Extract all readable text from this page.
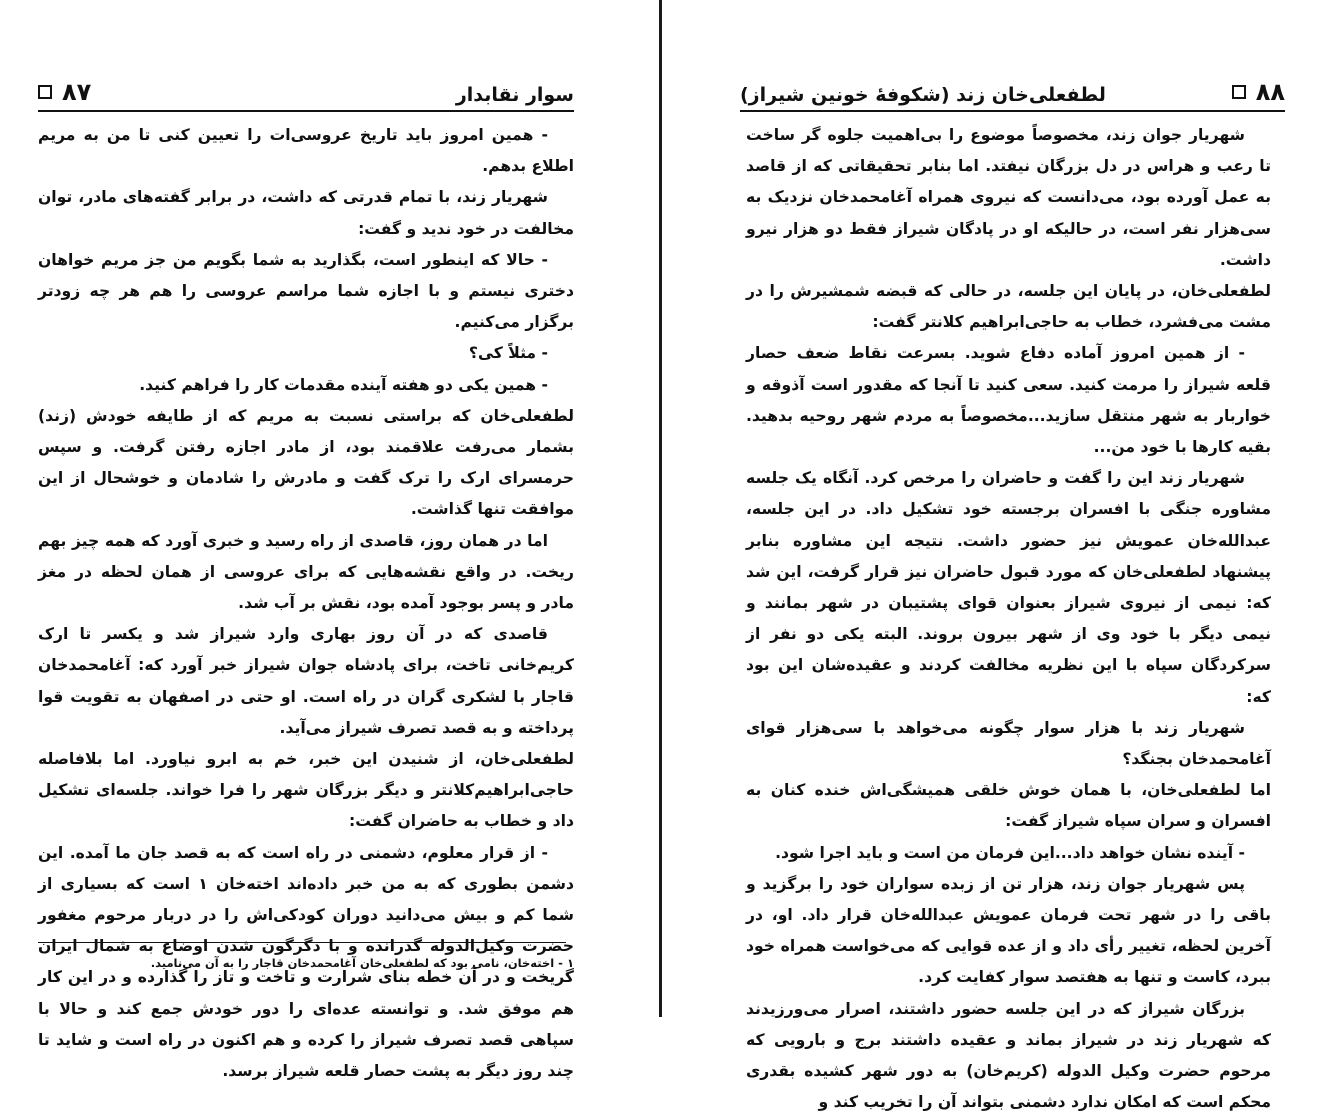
۸۷	سوار نقابدار

- همین امروز باید تاریخ عروسی‌ات را تعیین کنی تا من به مریم اطلاع بدهم.

شهریار زند، با تمام قدرتی که داشت، در برابر گفته‌های مادر، توان مخالفت در خود ندید و گفت:

- حالا که اینطور است، بگذارید به شما بگویم من جز مریم خواهان دختری نیستم و با اجازه شما مراسم عروسی را هم هر چه زودتر برگزار می‌کنیم.

- مثلاً کی؟

- همین یکی دو هفته آینده مقدمات کار را فراهم کنید.

لطفعلی‌خان که براستی نسبت به مریم که از طایفه خودش (زند) بشمار می‌رفت علاقمند بود، از مادر اجازه رفتن گرفت. و سپس حرمسرای ارک را ترک گفت و مادرش را شادمان و خوشحال از این موافقت تنها گذاشت.

اما در همان روز، قاصدی از راه رسید و خبری آورد که همه چیز بهم ریخت. در واقع نقشه‌هایی که برای عروسی از همان لحظه در مغز مادر و پسر بوجود آمده بود، نقش بر آب شد.

قاصدی که در آن روز بهاری وارد شیراز شد و یکسر تا ارک کریم‌خانی تاخت، برای پادشاه جوان شیراز خبر آورد که: آغامحمدخان قاجار با لشکری گران در راه است. او حتی در اصفهان به تقویت قوا پرداخته و به قصد تصرف شیراز می‌آید.

لطفعلی‌خان، از شنیدن این خبر، خم به ابرو نیاورد. اما بلافاصله حاجی‌ابراهیم‌کلانتر و دیگر بزرگان شهر را فرا خواند. جلسه‌ای تشکیل داد و خطاب به حاضران گفت:

- از قرار معلوم، دشمنی در راه است که به قصد جان ما آمده. این دشمن بطوری که به من خبر داده‌اند اخته‌خان ۱ است که بسیاری از شما کم و بیش می‌دانید دوران کودکی‌اش را در دربار مرحوم مغفور حضرت وکیل‌الدوله گذرانده و با دگرگون شدن اوضاع به شمال ایران گریخت و در آن خطه بنای شرارت و تاخت و تاز را گذارده و در این کار هم موفق شد. و توانسته عده‌ای را دور خودش جمع کند و حالا با سپاهی قصد تصرف شیراز را کرده و هم اکنون در راه است و شاید تا چند روز دیگر به پشت حصار قلعه شیراز برسد.

۱ - اخته‌خان، نامی بود که لطفعلی‌خان آغامحمدخان قاجار را به آن می‌نامید.
لطفعلی‌خان زند (شکوفهٔ خونین شیراز)	۸۸

شهریار جوان زند، مخصوصاً موضوع را بی‌اهمیت جلوه گر ساخت تا رعب و هراس در دل بزرگان نیفتد. اما بنابر تحقیقاتی که از قاصد به عمل آورده بود، می‌دانست که نیروی همراه آغامحمدخان نزدیک به سی‌هزار نفر است، در حالیکه او در پادگان شیراز فقط دو هزار نیرو داشت.

لطفعلی‌خان، در پایان این جلسه، در حالی که قبضه شمشیرش را در مشت می‌فشرد، خطاب به حاجی‌ابراهیم کلانتر گفت:

- از همین امروز آماده دفاع شوید. بسرعت نقاط ضعف حصار قلعه شیراز را مرمت کنید. سعی کنید تا آنجا که مقدور است آذوقه و خواربار به شهر منتقل سازید...مخصوصاً به مردم شهر روحیه بدهید. بقیه کارها با خود من...

شهریار زند این را گفت و حاضران را مرخص کرد. آنگاه یک جلسه مشاوره جنگی با افسران برجسته خود تشکیل داد. در این جلسه، عبدالله‌خان عمویش نیز حضور داشت. نتیجه این مشاوره بنابر پیشنهاد لطفعلی‌خان که مورد قبول حاضران نیز قرار گرفت، این شد که: نیمی از نیروی شیراز بعنوان قوای پشتیبان در شهر بمانند و نیمی دیگر با خود وی از شهر بیرون بروند. البته یکی دو نفر از سرکردگان سپاه با این نظریه مخالفت کردند و عقیده‌شان این بود که:

شهریار زند با هزار سوار چگونه می‌خواهد با سی‌هزار قوای آغامحمدخان بجنگد؟

اما لطفعلی‌خان، با همان خوش خلقی همیشگی‌اش خنده کنان به افسران و سران سپاه شیراز گفت:

- آینده نشان خواهد داد...این فرمان من است و باید اجرا شود.

پس شهریار جوان زند، هزار تن از زبده سواران خود را برگزید و باقی را در شهر تحت فرمان عمویش عبدالله‌خان قرار داد. او، در آخرین لحظه، تغییر رأی داد و از عده قوایی که می‌خواست همراه خود ببرد، کاست و تنها به هفتصد سوار کفایت کرد.

بزرگان شیراز که در این جلسه حضور داشتند، اصرار می‌ورزیدند که شهریار زند در شیراز بماند و عقیده داشتند برج و بارویی که مرحوم حضرت وکیل الدوله (کریم‌خان) به دور شهر کشیده بقدری محکم است که امکان ندارد دشمنی بتواند آن را تخریب کند و
